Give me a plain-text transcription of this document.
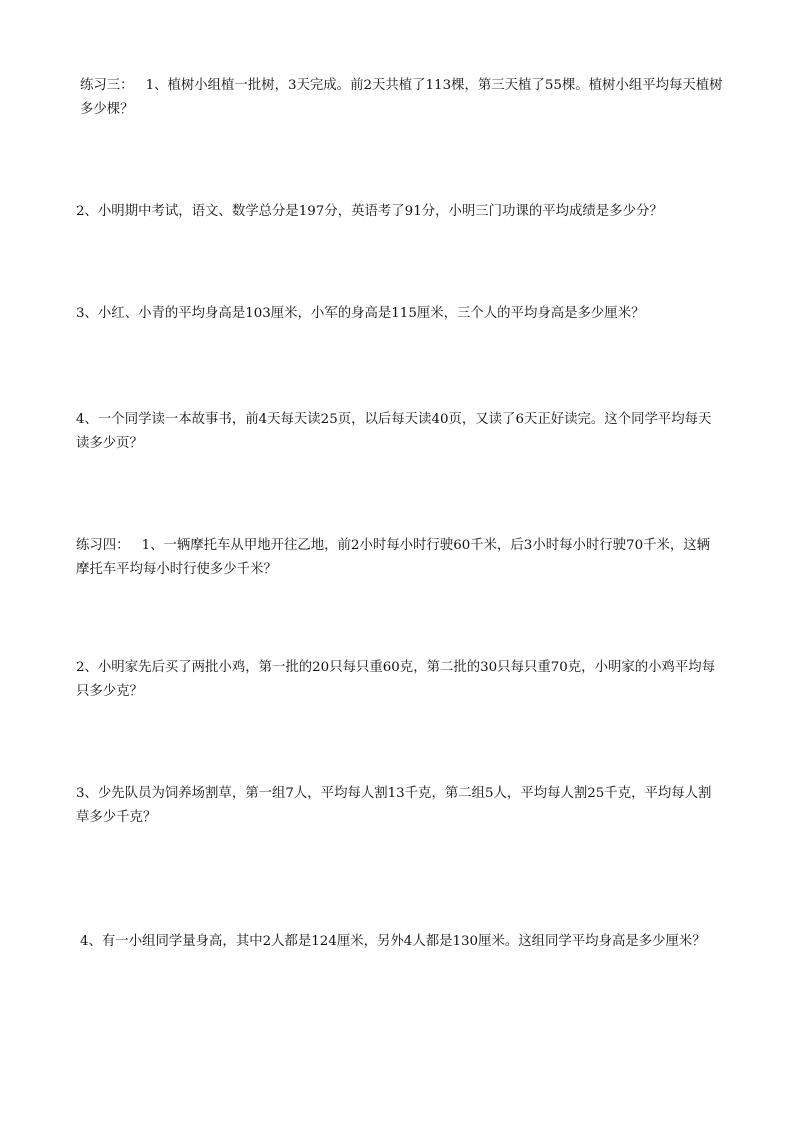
练习三： 1、植树小组植一批树，3天完成。前2天共植了113棵，第三天植了55棵。植树小组平均每天植树多少棵？

2、小明期中考试，语文、数学总分是197分，英语考了91分，小明三门功课的平均成绩是多少分？

3、小红、小青的平均身高是103厘米，小军的身高是115厘米，三个人的平均身高是多少厘米？

4、一个同学读一本故事书，前4天每天读25页，以后每天读40页，又读了6天正好读完。这个同学平均每天读多少页？

练习四： 1、一辆摩托车从甲地开往乙地，前2小时每小时行驶60千米，后3小时每小时行驶70千米，这辆摩托车平均每小时行使多少千米？

2、小明家先后买了两批小鸡，第一批的20只每只重60克，第二批的30只每只重70克，小明家的小鸡平均每只多少克？

3、少先队员为饲养场割草，第一组7人，平均每人割13千克，第二组5人，平均每人割25千克，平均每人割草多少千克？

4、有一小组同学量身高，其中2人都是124厘米，另外4人都是130厘米。这组同学平均身高是多少厘米？
